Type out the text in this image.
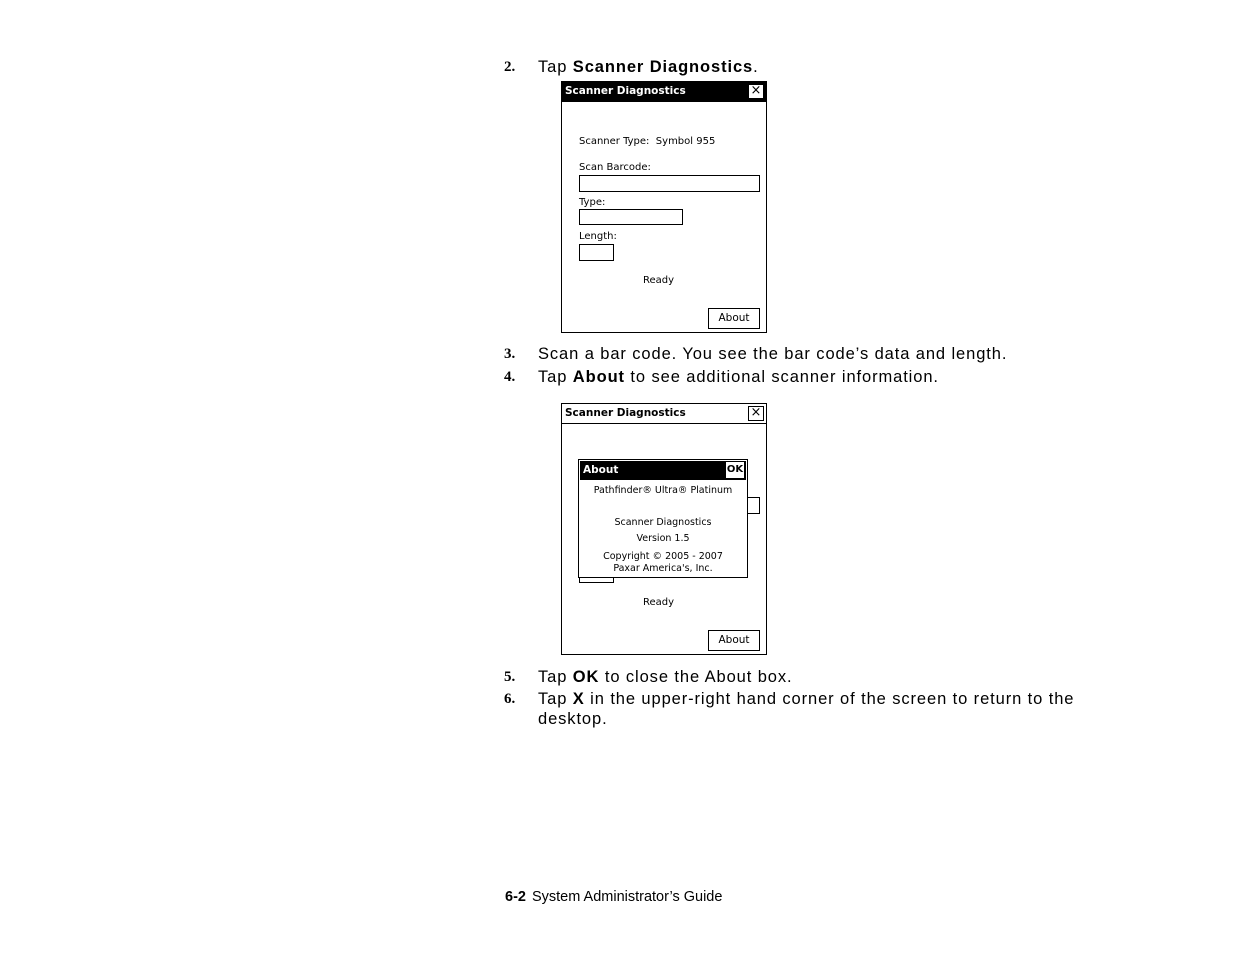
2. Tap Scanner Diagnostics.
Scanner Diagnostics	×
Scanner Type: Symbol 955
Scan Barcode:
Type:
Length:
Ready
About
3. Scan a bar code. You see the bar code’s data and length.
4. Tap About to see additional scanner information.
Scanner Diagnostics	×
Ready
About
About	OK
Pathfinder® Ultra® Platinum
Scanner Diagnostics
Version 1.5
Copyright © 2005 - 2007
Paxar America's, Inc.
5. Tap OK to close the About box.
6. Tap X in the upper-right hand corner of the screen to return to the
desktop.
6-2 System Administrator’s Guide
